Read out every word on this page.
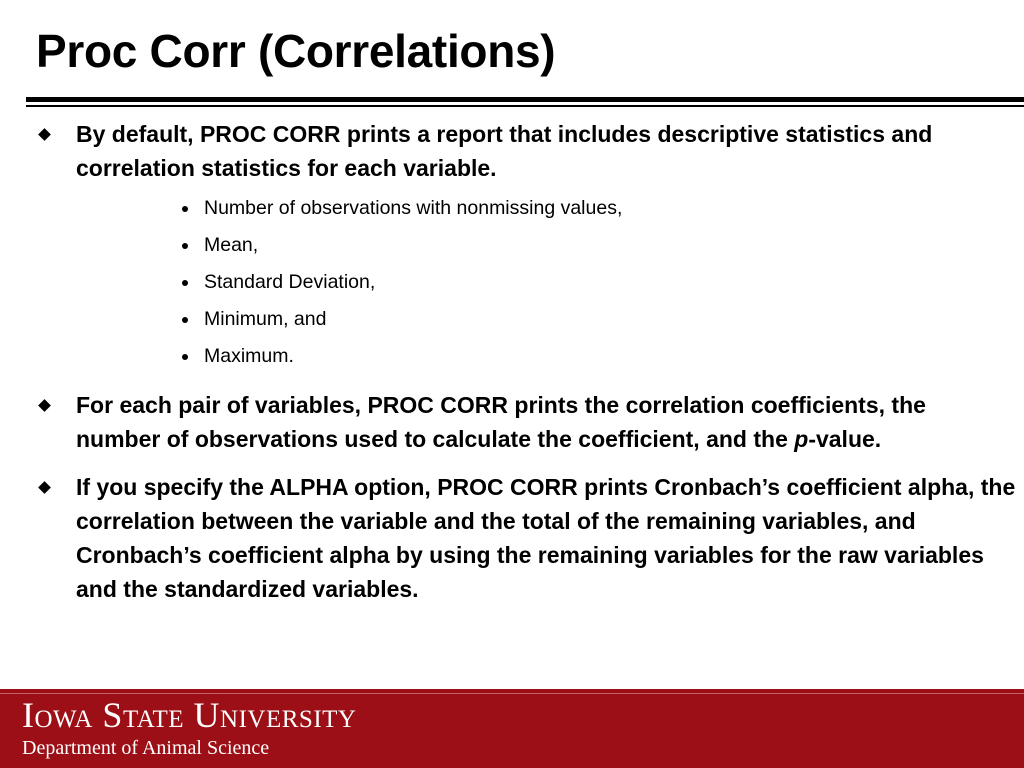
Proc Corr (Correlations)
By default, PROC CORR prints a report that includes descriptive statistics and correlation statistics for each variable.
Number of observations with nonmissing values,
Mean,
Standard Deviation,
Minimum, and
Maximum.
For each pair of variables, PROC CORR prints the correlation coefficients, the number of observations used to calculate the coefficient, and the p-value.
If you specify the ALPHA option, PROC CORR prints Cronbach’s coefficient alpha, the correlation between the variable and the total of the remaining variables, and Cronbach’s coefficient alpha by using the remaining variables for the raw variables and the standardized variables.
Iowa State University
Department of Animal Science
